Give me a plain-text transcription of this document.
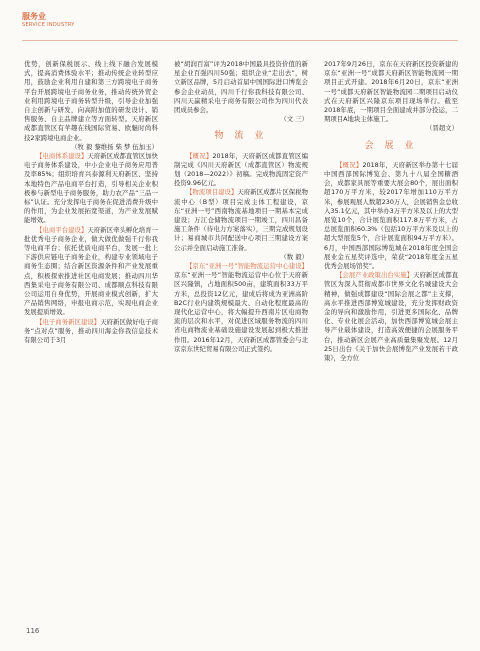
服务业
SERVICE INDUSTRY

优势，创新保税展示、线上线下融合发展模式，提高消费体验水平；推动传统企业转型应用，鼓励企业利用自建和第三方跨境电子商务平台开展跨境电子商务业务，推动传统外贸企业利用跨境电子商务转型升级，引导企业加强自主创新与研发，向高附加值的研发设计、销售服务、自主品牌建立等方面转型。天府新区成都直管区有苹趣在线国际贸易、欧魅时尚科技2家跨境电商企业。

（牧 毅 黎维扬 柴 梦 伍加玉）

【电商体系建设】天府新区成都直管区加快电子商务体系建设，中小企业电子商务应用普及率85%；组织培育兴泰源利天府新区、坚持本地特色产品电商平台打造，引导相关企业积极参与新型电子商务服务，助力农产品“三品一标”认证。充分发挥电子商务在促进消费升级中的作用，为企业发展拓宽渠道，为产业发展赋能增效。

【电商平台建设】天府新区牵头孵化培育一批优秀电子商务企业，做大做优做强千行你我等电商平台；依托优质电商平台，发展一批上下游供应链电子商务企业，构建专业领域电子商务生态圈；结合新区资源条件和产业发展重点，积极探索推进社区电商发展；推动四川华西集采电子商务有限公司、成都顺点科技有限公司运用自身优势，开展商业模式创新，扩大产品销售网络，申报电商示范，实现电商企业发展提质增效。

【电子商务新区建设】天府新区做好电子商务“点对点”服务，推动四川海金你我信息技术有限公司于3月

被“胡润百富”评为2018中国最具投资价值的新星企业百强四川50强；组织企业“走出去”，树立新区品牌，5月启动首届中国国际进口博览会参会企业动员，四川千行你我科技有限公司、四川天赢精采电子商务有限公司作为四川代表团成员参会。

（文 三）

物 流 业

【概况】2018年，天府新区成都直管区编制完成《四川天府新区（成都直管区）物流规划（2018—2022）》初稿。完成物流固定资产投资9.96亿元。

【物流项目建设】天府新区成都片区保税物流中心（B型）项目完成主体工程建设，京东“亚洲一号”西南物流基地项目一期基本完成建设；万江仓储物流项目一期竣工，四川昌备施工条件（待电力方案落实），三期完成规划设计；易商城市共同配送中心项目三期建设方案公示并全面启动施工准备。

（数 毅）

【京东“亚洲一号”智能物流运营中心建设】京东“亚洲一号”智能物流运营中心位于天府新区兴隆镇，占地面积500亩，建筑面积33万平方米，总投资12亿元，建成后将成为亚洲高阶B2C行业内建筑规模最大、自动化程度最高的现代化运营中心，将大幅提升西南片区电商物流的层次和水平，对促进区域服务物流的四川省电商物流业基础设施建设发展起到极大推进作用。2016年12月，天府新区成都管委会与北京京东世纪贸易有限公司正式签约。

2017年9月26日，京东在天府新区投资新建的京东“亚洲一号”成都天府新区智能物流园一期项目正式开建。2018年6月20日，京东“亚洲一号”成都天府新区智能物流园二期项目启动仪式在天府新区兴隆京东项目现场举行。截至2018年底，一期项目全面建成并部分投运，二期项目A地块主体施工。

（晋超文）

会 展 业

【概况】2018年，天府新区举办第十七届中国西部国际博览会、第九十八届全国糖酒会，成都家具展等重要大展会80个，展出面积超170万平方米，较2017年增加110万平方米，参展观展人数超230万人，会展销售金总收入35.1亿元，其中举办3万平方米及以上的大型展览10个，合计展览面积117.8万平方米，占总展览面积60.3%（包括10万平方米及以上的超大型展览5个，合计展览面积94万平方米）。6月，中国西部国际博览城在2018年度全国会展业金五星奖评选中，荣获“2018年度金五星优秀会展场馆奖”。

【会展产业政策出台实施】天府新区成都直管区为深入贯彻成都市世界文化名城建设大会精神，做强成都建设“国际会展之都”主支撑，高水平推进西部博览城建设，充分发挥财政资金的导向和激励作用，引进更多国际化、品牌化、专业化展会活动，加快西部博览城会展主导产业载体建设，打造高效便捷的会展服务平台，推动新区会展产业高质量集聚发展。12月25日出台《关于加快会展博览产业发展若干政策》，全方位

116
